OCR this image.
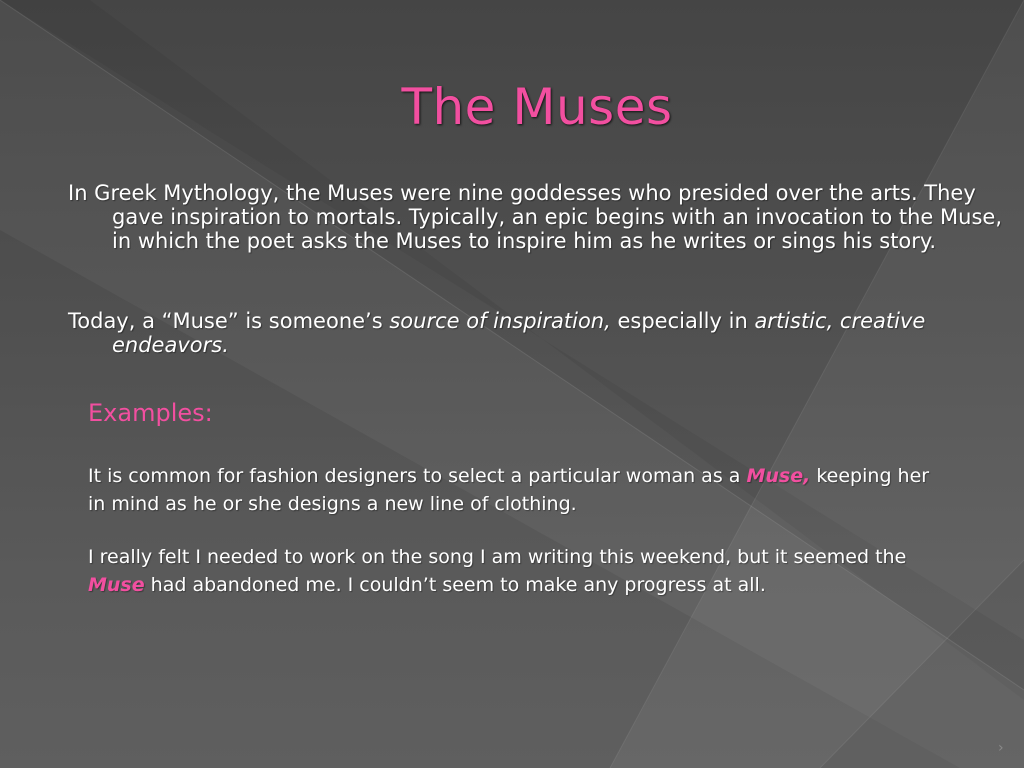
The Muses
In Greek Mythology, the Muses were nine goddesses who presided over the arts. They gave inspiration to mortals. Typically, an epic begins with an invocation to the Muse, in which the poet asks the Muses to inspire him as he writes or sings his story.
Today, a “Muse” is someone’s source of inspiration, especially in artistic, creative endeavors.
Examples:
It is common for fashion designers to select a particular woman as a Muse, keeping her in mind as he or she designs a new line of clothing.
I really felt I needed to work on the song I am writing this weekend, but it seemed the Muse had abandoned me. I couldn’t seem to make any progress at all.
›
